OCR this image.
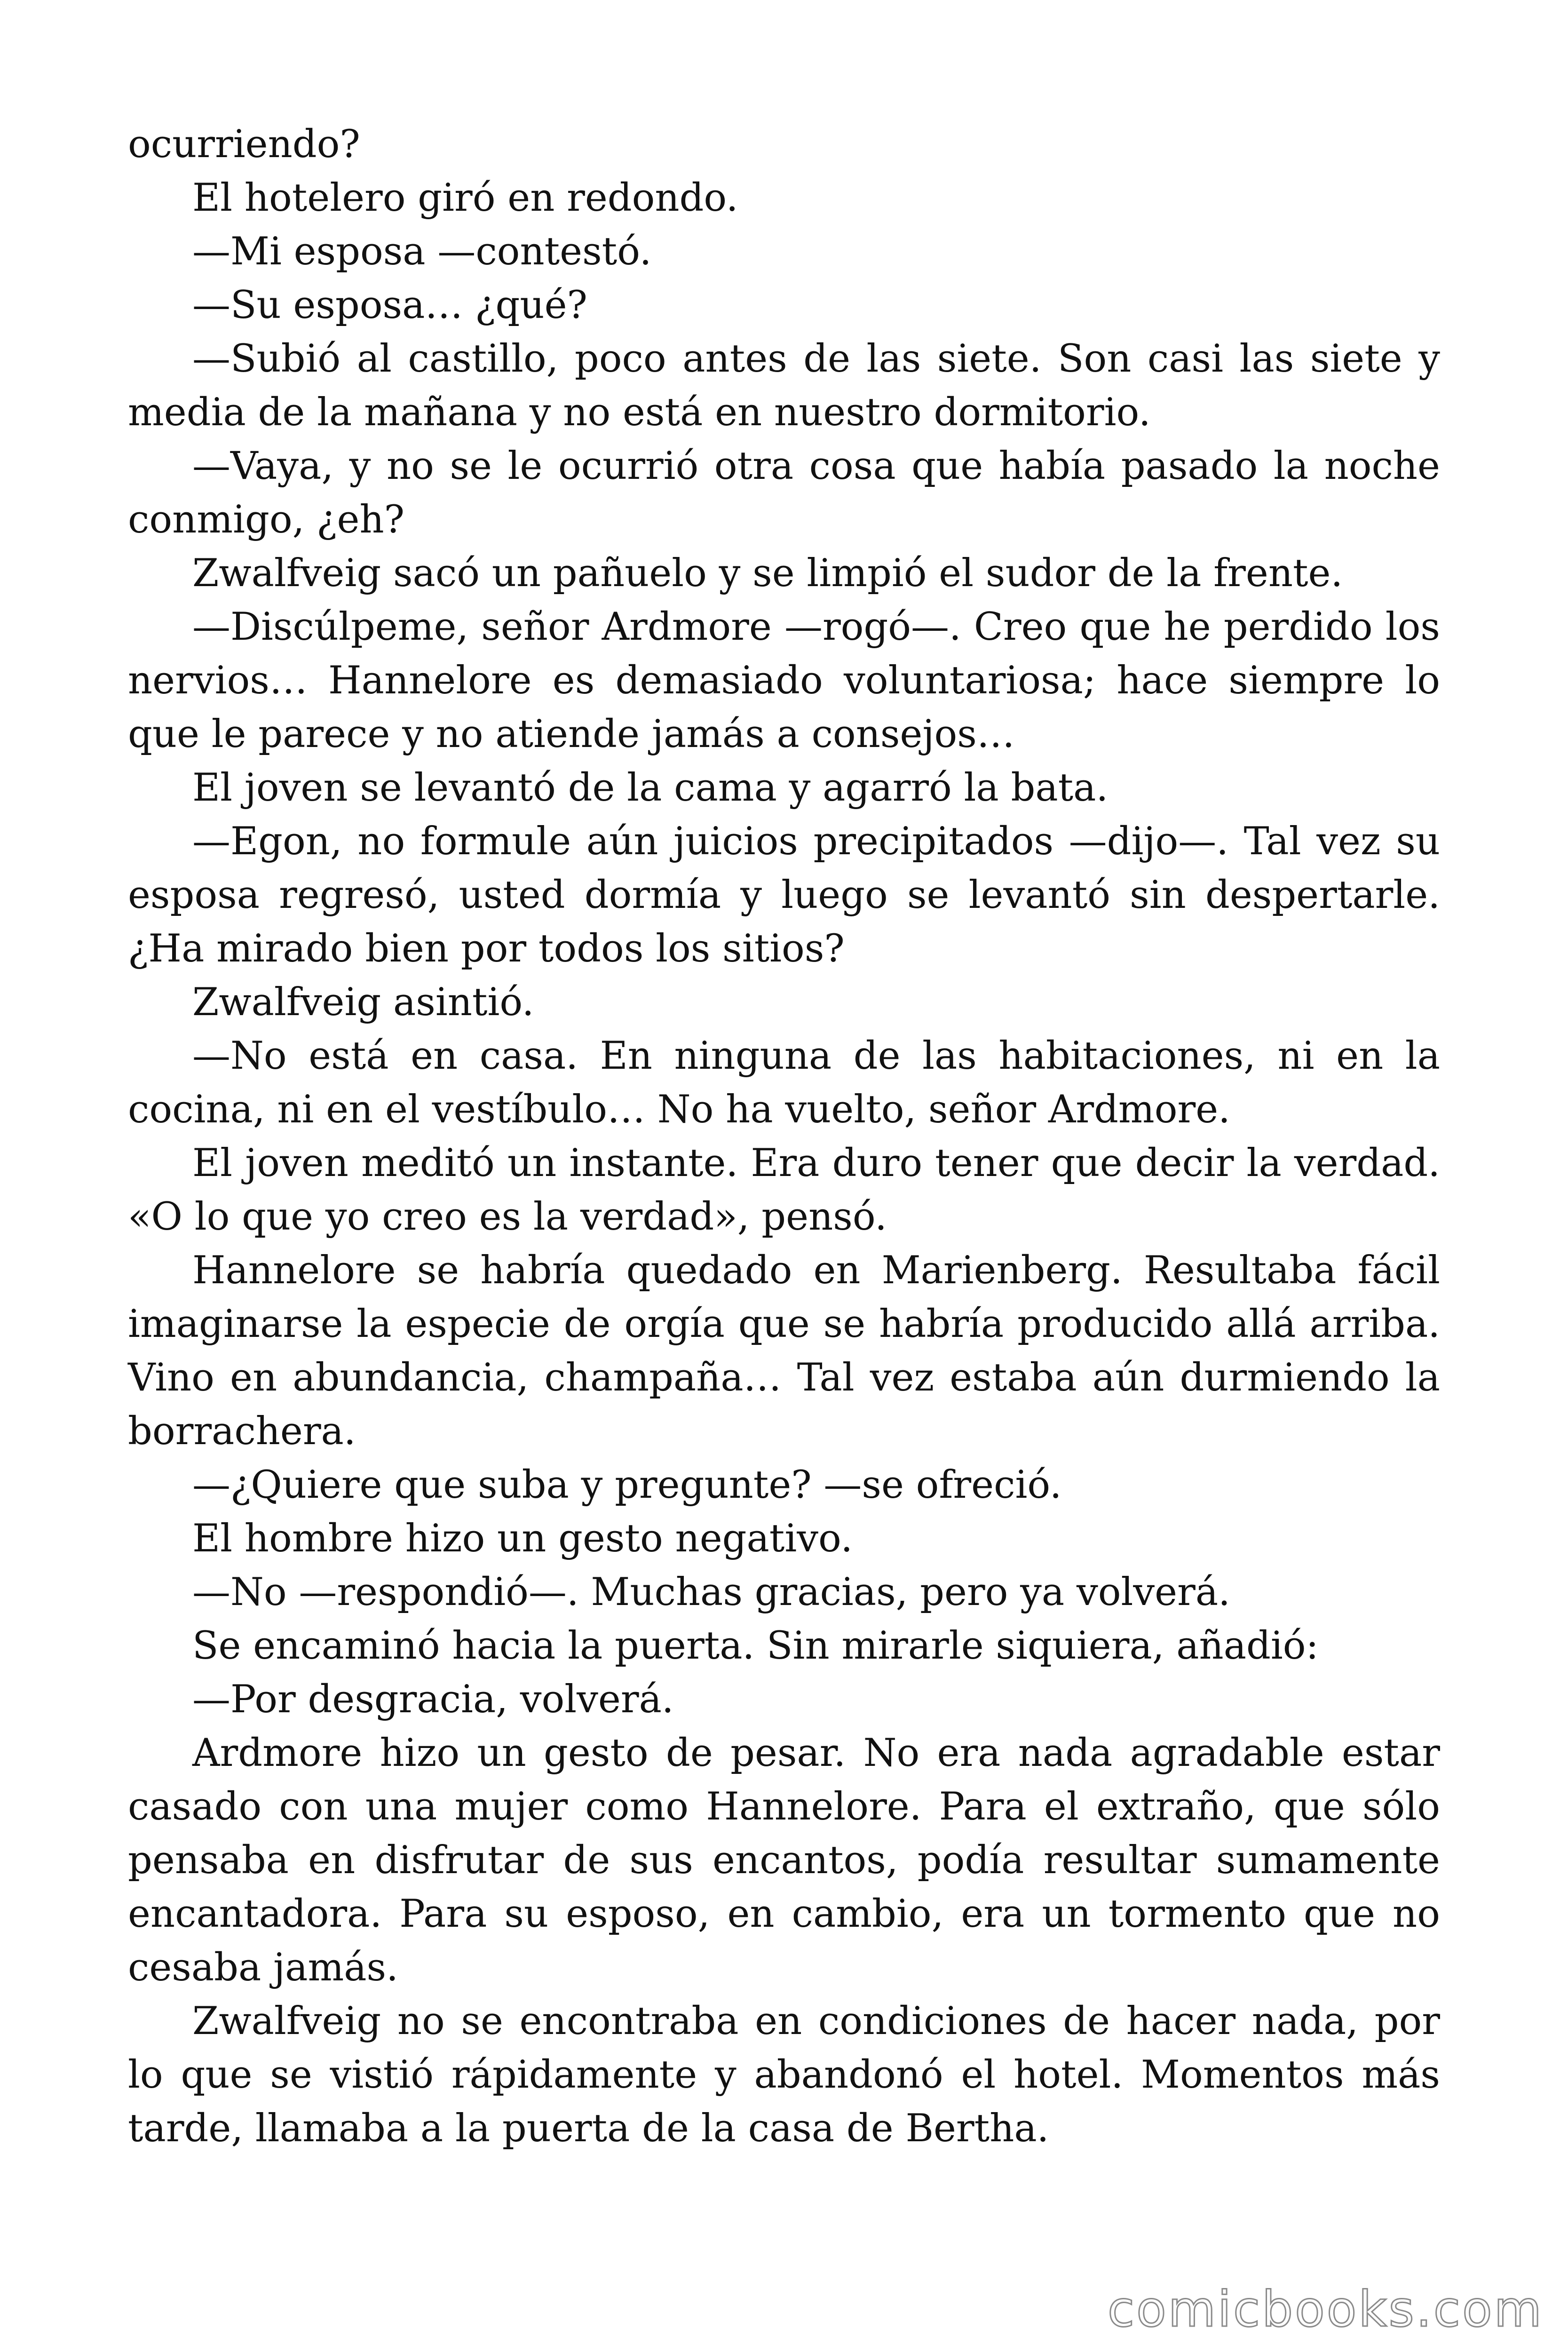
ocurriendo?

El hotelero giró en redondo.

—Mi esposa —contestó.

—Su esposa… ¿qué?

—Subió al castillo, poco antes de las siete. Son casi las siete y media de la mañana y no está en nuestro dormitorio.

—Vaya, y no se le ocurrió otra cosa que había pasado la noche conmigo, ¿eh?

Zwalfveig sacó un pañuelo y se limpió el sudor de la frente.

—Discúlpeme, señor Ardmore —rogó—. Creo que he perdido los nervios… Hannelore es demasiado voluntariosa; hace siempre lo que le parece y no atiende jamás a consejos…

El joven se levantó de la cama y agarró la bata.

—Egon, no formule aún juicios precipitados —dijo—. Tal vez su esposa regresó, usted dormía y luego se levantó sin despertarle. ¿Ha mirado bien por todos los sitios?

Zwalfveig asintió.

—No está en casa. En ninguna de las habitaciones, ni en la cocina, ni en el vestíbulo… No ha vuelto, señor Ardmore.

El joven meditó un instante. Era duro tener que decir la verdad. «O lo que yo creo es la verdad», pensó.

Hannelore se habría quedado en Marienberg. Resultaba fácil imaginarse la especie de orgía que se habría producido allá arriba. Vino en abundancia, champaña… Tal vez estaba aún durmiendo la borrachera.

—¿Quiere que suba y pregunte? —se ofreció.

El hombre hizo un gesto negativo.

—No —respondió—. Muchas gracias, pero ya volverá.

Se encaminó hacia la puerta. Sin mirarle siquiera, añadió:

—Por desgracia, volverá.

Ardmore hizo un gesto de pesar. No era nada agradable estar casado con una mujer como Hannelore. Para el extraño, que sólo pensaba en disfrutar de sus encantos, podía resultar sumamente encantadora. Para su esposo, en cambio, era un tormento que no cesaba jamás.

Zwalfveig no se encontraba en condiciones de hacer nada, por lo que se vistió rápidamente y abandonó el hotel. Momentos más tarde, llamaba a la puerta de la casa de Bertha.

comicbooks.com
